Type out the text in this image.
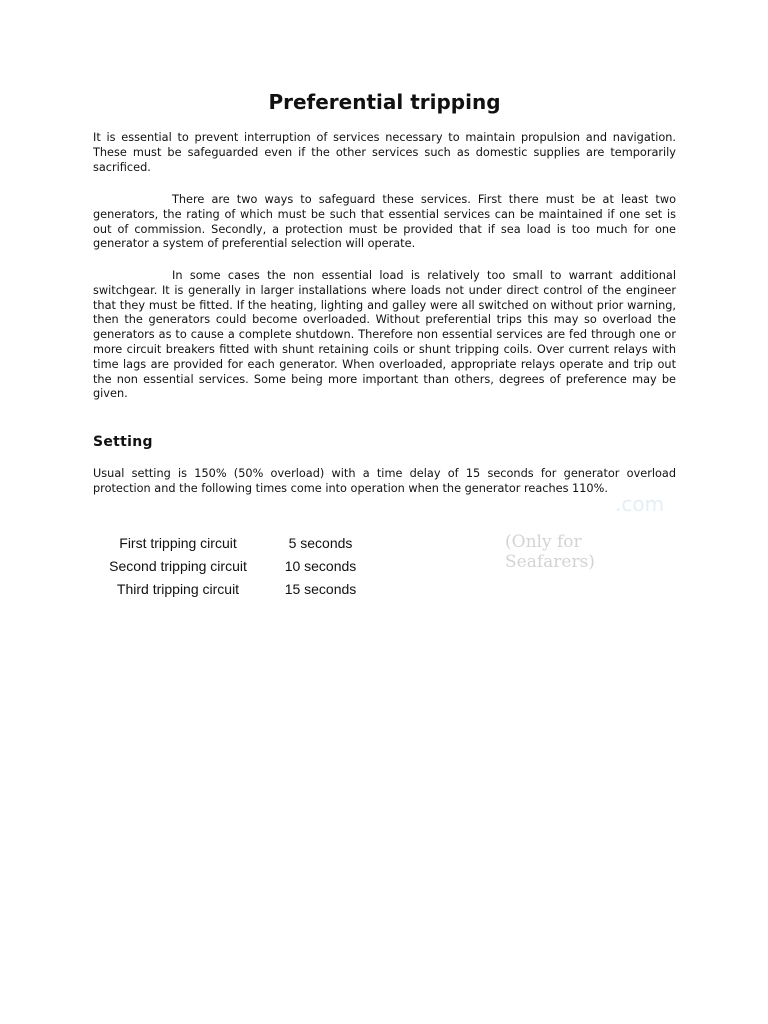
Preferential tripping

It is essential to prevent interruption of services necessary to maintain propulsion and navigation. These must be safeguarded even if the other services such as domestic supplies are temporarily sacrificed.

There are two ways to safeguard these services. First there must be at least two generators, the rating of which must be such that essential services can be maintained if one set is out of commission. Secondly, a protection must be provided that if sea load is too much for one generator a system of preferential selection will operate.

In some cases the non essential load is relatively too small to warrant additional switchgear. It is generally in larger installations where loads not under direct control of the engineer that they must be fitted. If the heating, lighting and galley were all switched on without prior warning, then the generators could become overloaded. Without preferential trips this may so overload the generators as to cause a complete shutdown. Therefore non essential services are fed through one or more circuit breakers fitted with shunt retaining coils or shunt tripping coils. Over current relays with time lags are provided for each generator. When overloaded, appropriate relays operate and trip out the non essential services. Some being more important than others, degrees of preference may be given.

Setting

Usual setting is 150% (50% overload) with a time delay of 15 seconds for generator overload protection and the following times come into operation when the generator reaches 110%.

First tripping circuit	5 seconds
Second tripping circuit	10 seconds
Third tripping circuit	15 seconds
.com
(Only for Seafarers)
